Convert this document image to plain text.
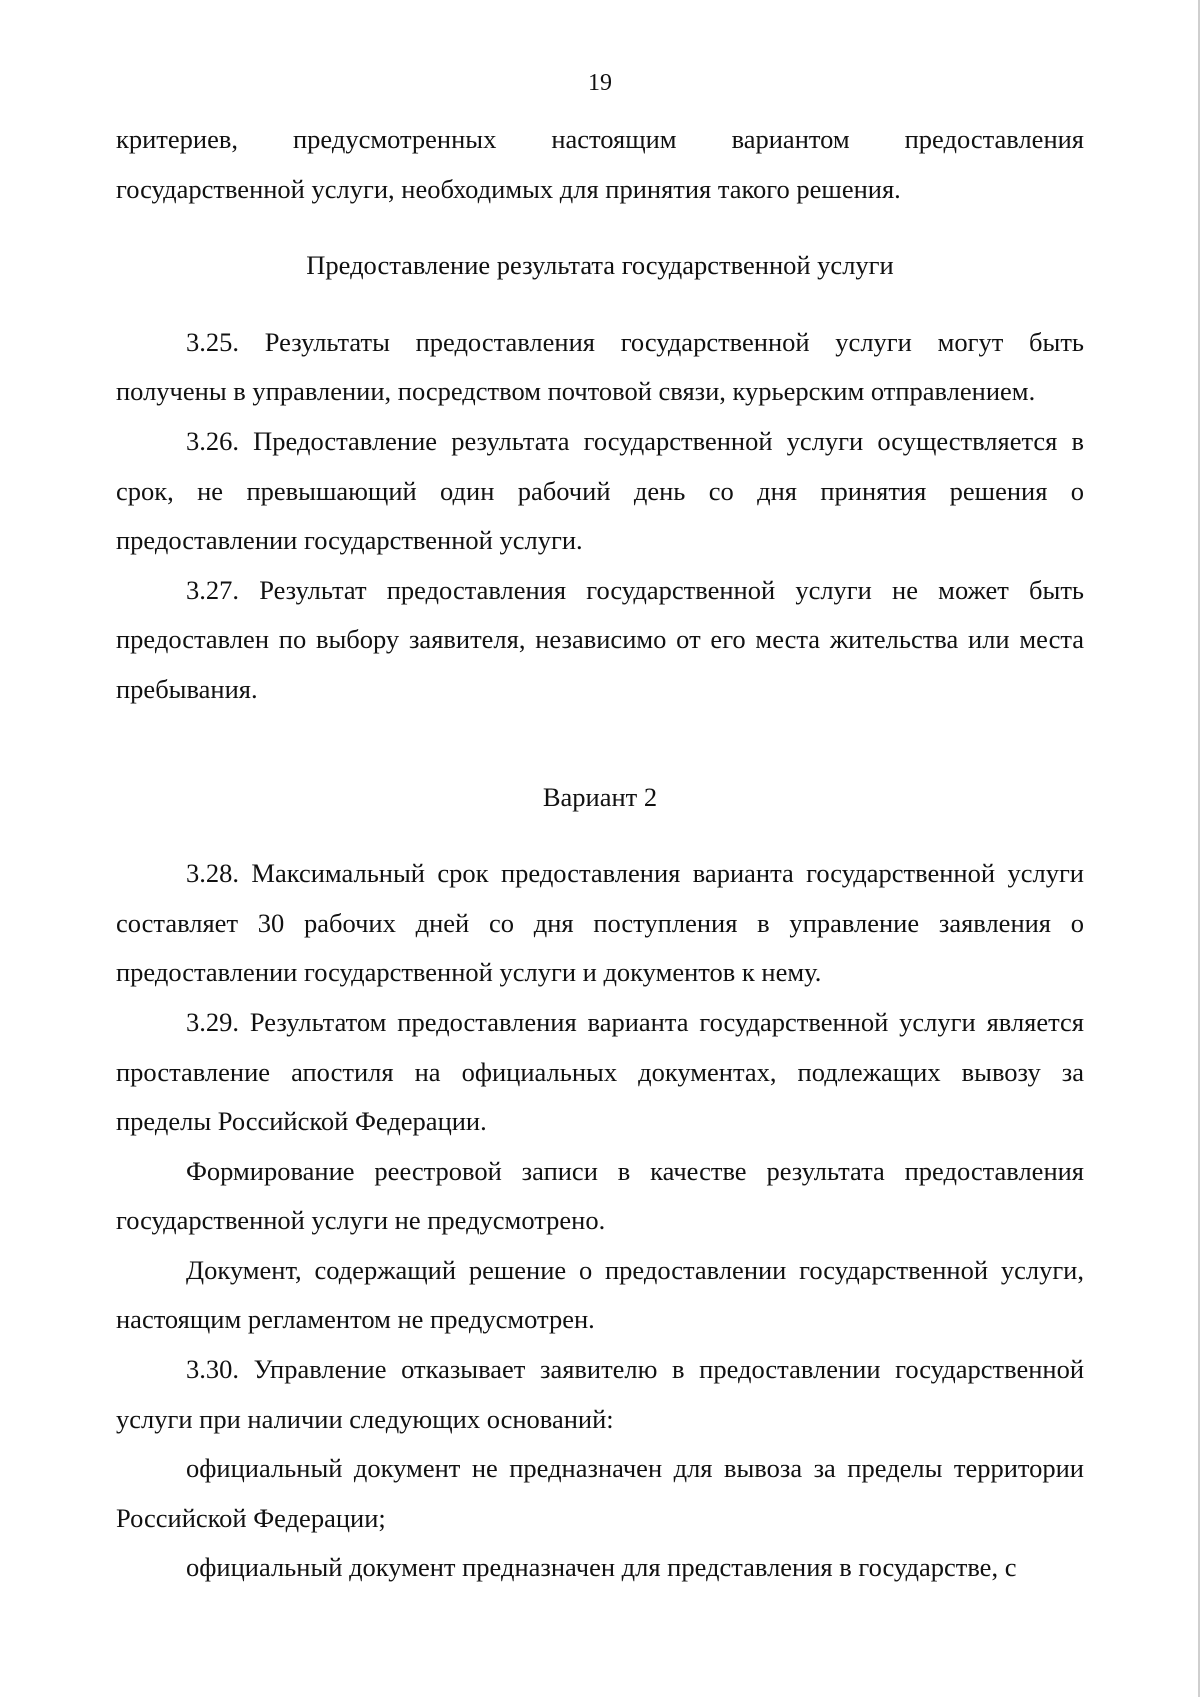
19

критериев, предусмотренных настоящим вариантом предоставления государственной услуги, необходимых для принятия такого решения.

Предоставление результата государственной услуги

3.25. Результаты предоставления государственной услуги могут быть получены в управлении, посредством почтовой связи, курьерским отправлением.

3.26. Предоставление результата государственной услуги осуществляется в срок, не превышающий один рабочий день со дня принятия решения о предоставлении государственной услуги.

3.27. Результат предоставления государственной услуги не может быть предоставлен по выбору заявителя, независимо от его места жительства или места пребывания.

Вариант 2

3.28. Максимальный срок предоставления варианта государственной услуги составляет 30 рабочих дней со дня поступления в управление заявления о предоставлении государственной услуги и документов к нему.

3.29. Результатом предоставления варианта государственной услуги является проставление апостиля на официальных документах, подлежащих вывозу за пределы Российской Федерации.

Формирование реестровой записи в качестве результата предоставления государственной услуги не предусмотрено.

Документ, содержащий решение о предоставлении государственной услуги, настоящим регламентом не предусмотрен.

3.30. Управление отказывает заявителю в предоставлении государственной услуги при наличии следующих оснований:

официальный документ не предназначен для вывоза за пределы территории Российской Федерации;

официальный документ предназначен для представления в государстве, с
